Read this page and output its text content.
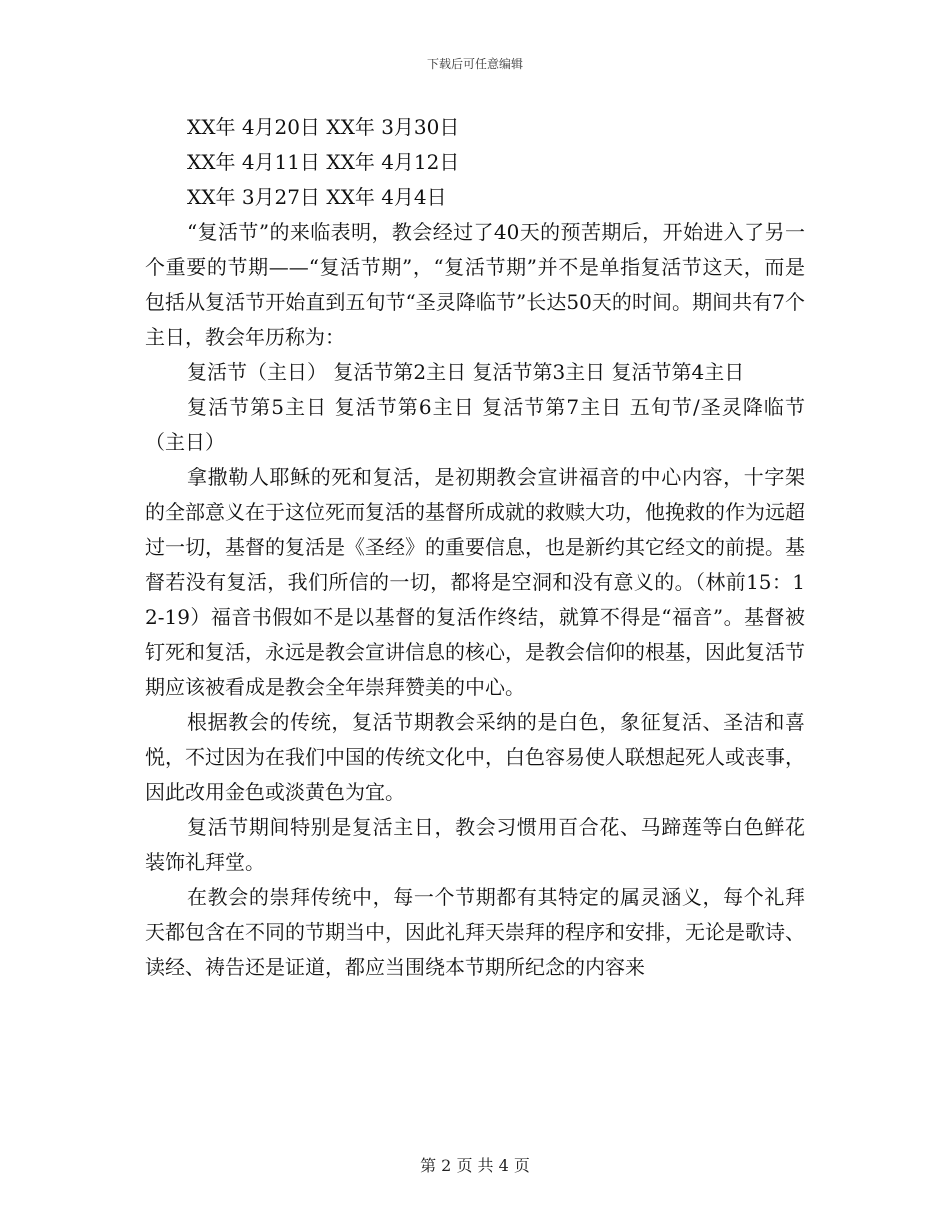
下载后可任意编辑

XX年 4月20日 XX年 3月30日

XX年 4月11日 XX年 4月12日

XX年 3月27日 XX年 4月4日

“复活节”的来临表明，教会经过了40天的预苦期后，开始进入了另一个重要的节期——“复活节期”，“复活节期”并不是单指复活节这天，而是包括从复活节开始直到五旬节“圣灵降临节”长达50天的时间。期间共有7个主日，教会年历称为：

复活节（主日） 复活节第2主日 复活节第3主日 复活节第4主日

复活节第5主日 复活节第6主日 复活节第7主日 五旬节/圣灵降临节（主日）

拿撒勒人耶稣的死和复活，是初期教会宣讲福音的中心内容，十字架的全部意义在于这位死而复活的基督所成就的救赎大功，他挽救的作为远超过一切，基督的复活是《圣经》的重要信息，也是新约其它经文的前提。基督若没有复活，我们所信的一切，都将是空洞和没有意义的。（林前15：12-19）福音书假如不是以基督的复活作终结，就算不得是“福音”。基督被钉死和复活，永远是教会宣讲信息的核心，是教会信仰的根基，因此复活节期应该被看成是教会全年崇拜赞美的中心。

根据教会的传统，复活节期教会采纳的是白色，象征复活、圣洁和喜悦，不过因为在我们中国的传统文化中，白色容易使人联想起死人或丧事，因此改用金色或淡黄色为宜。

复活节期间特别是复活主日，教会习惯用百合花、马蹄莲等白色鲜花装饰礼拜堂。

在教会的崇拜传统中，每一个节期都有其特定的属灵涵义，每个礼拜天都包含在不同的节期当中，因此礼拜天崇拜的程序和安排，无论是歌诗、读经、祷告还是证道，都应当围绕本节期所纪念的内容来

第 2 页 共 4 页
